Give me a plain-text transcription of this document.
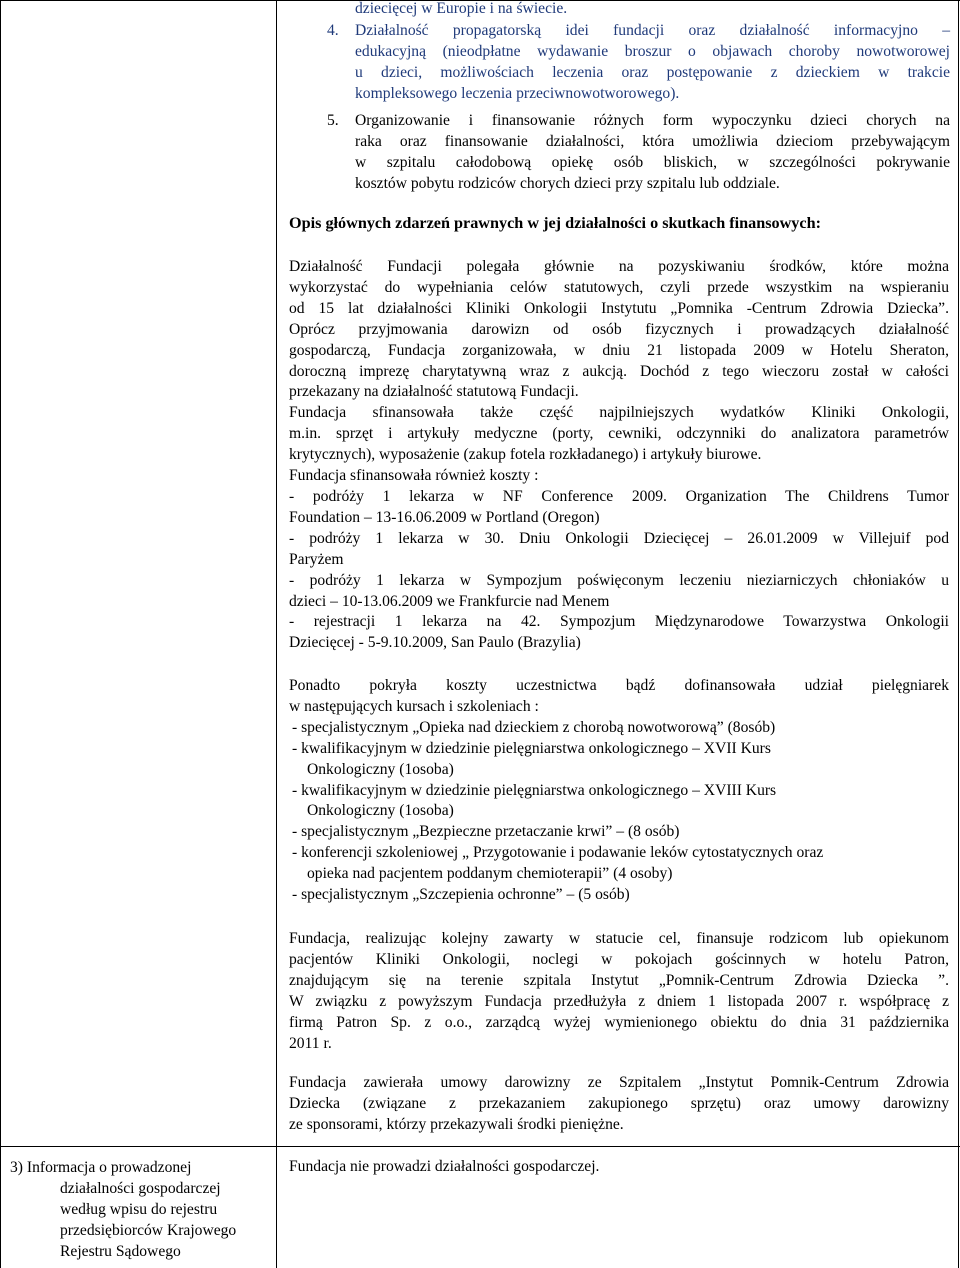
dziecięcej w Europie i na świecie.
4. Działalność propagatorską idei fundacji oraz działalność informacyjno –
edukacyjną (nieodpłatne wydawanie broszur o objawach choroby nowotworowej
u dzieci, możliwościach leczenia oraz postępowanie z dzieckiem w trakcie
kompleksowego leczenia przeciwnowotworowego).
5. Organizowanie i finansowanie różnych form wypoczynku dzieci chorych na
raka oraz finansowanie działalności, która umożliwia dzieciom przebywającym
w szpitalu całodobową opiekę osób bliskich, w szczególności pokrywanie
kosztów pobytu rodziców chorych dzieci przy szpitalu lub oddziale.
Opis głównych zdarzeń prawnych w jej działalności o skutkach finansowych:
Działalność Fundacji polegała głównie na pozyskiwaniu środków, które można
wykorzystać do wypełniania celów statutowych, czyli przede wszystkim na wspieraniu
od 15 lat działalności Kliniki Onkologii Instytutu „Pomnika -Centrum Zdrowia Dziecka”.
Oprócz przyjmowania darowizn od osób fizycznych i prowadzących działalność
gospodarczą, Fundacja zorganizowała, w dniu 21 listopada 2009 w Hotelu Sheraton,
doroczną imprezę charytatywną wraz z aukcją. Dochód z tego wieczoru został w całości
przekazany na działalność statutową Fundacji.
Fundacja sfinansowała także część najpilniejszych wydatków Kliniki Onkologii,
m.in. sprzęt i artykuły medyczne (porty, cewniki, odczynniki do analizatora parametrów
krytycznych), wyposażenie (zakup fotela rozkładanego) i artykuły biurowe.
Fundacja sfinansowała również koszty :
- podróży 1 lekarza w NF Conference 2009. Organization The Childrens Tumor
Foundation – 13-16.06.2009 w Portland (Oregon)
- podróży 1 lekarza w 30. Dniu Onkologii Dziecięcej – 26.01.2009 w Villejuif pod
Paryżem
- podróży 1 lekarza w Sympozjum poświęconym leczeniu nieziarniczych chłoniaków u
dzieci – 10-13.06.2009 we Frankfurcie nad Menem
- rejestracji 1 lekarza na 42. Sympozjum Międzynarodowe Towarzystwa Onkologii
Dziecięcej - 5-9.10.2009, San Paulo (Brazylia)
Ponadto pokryła koszty uczestnictwa bądź dofinansowała udział pielęgniarek
w następujących kursach i szkoleniach :
- specjalistycznym „Opieka nad dzieckiem z chorobą nowotworową” (8osób)
- kwalifikacyjnym w dziedzinie pielęgniarstwa onkologicznego – XVII Kurs
Onkologiczny (1osoba)
- kwalifikacyjnym w dziedzinie pielęgniarstwa onkologicznego – XVIII Kurs
Onkologiczny (1osoba)
- specjalistycznym „Bezpieczne przetaczanie krwi” – (8 osób)
- konferencji szkoleniowej „ Przygotowanie i podawanie leków cytostatycznych oraz
opieka nad pacjentem poddanym chemioterapii” (4 osoby)
- specjalistycznym „Szczepienia ochronne” – (5 osób)
Fundacja, realizując kolejny zawarty w statucie cel, finansuje rodzicom lub opiekunom
pacjentów Kliniki Onkologii, noclegi w pokojach gościnnych w hotelu Patron,
znajdującym się na terenie szpitala Instytut „Pomnik-Centrum Zdrowia Dziecka ”.
W związku z powyższym Fundacja przedłużyła z dniem 1 listopada 2007 r. współpracę z
firmą Patron Sp. z o.o., zarządcą wyżej wymienionego obiektu do dnia 31 października
2011 r.
Fundacja zawierała umowy darowizny ze Szpitalem „Instytut Pomnik-Centrum Zdrowia
Dziecka (związane z przekazaniem zakupionego sprzętu) oraz umowy darowizny
ze sponsorami, którzy przekazywali środki pieniężne.
3) Informacja o prowadzonej
działalności gospodarczej
według wpisu do rejestru
przedsiębiorców Krajowego
Rejestru Sądowego
Fundacja nie prowadzi działalności gospodarczej.
